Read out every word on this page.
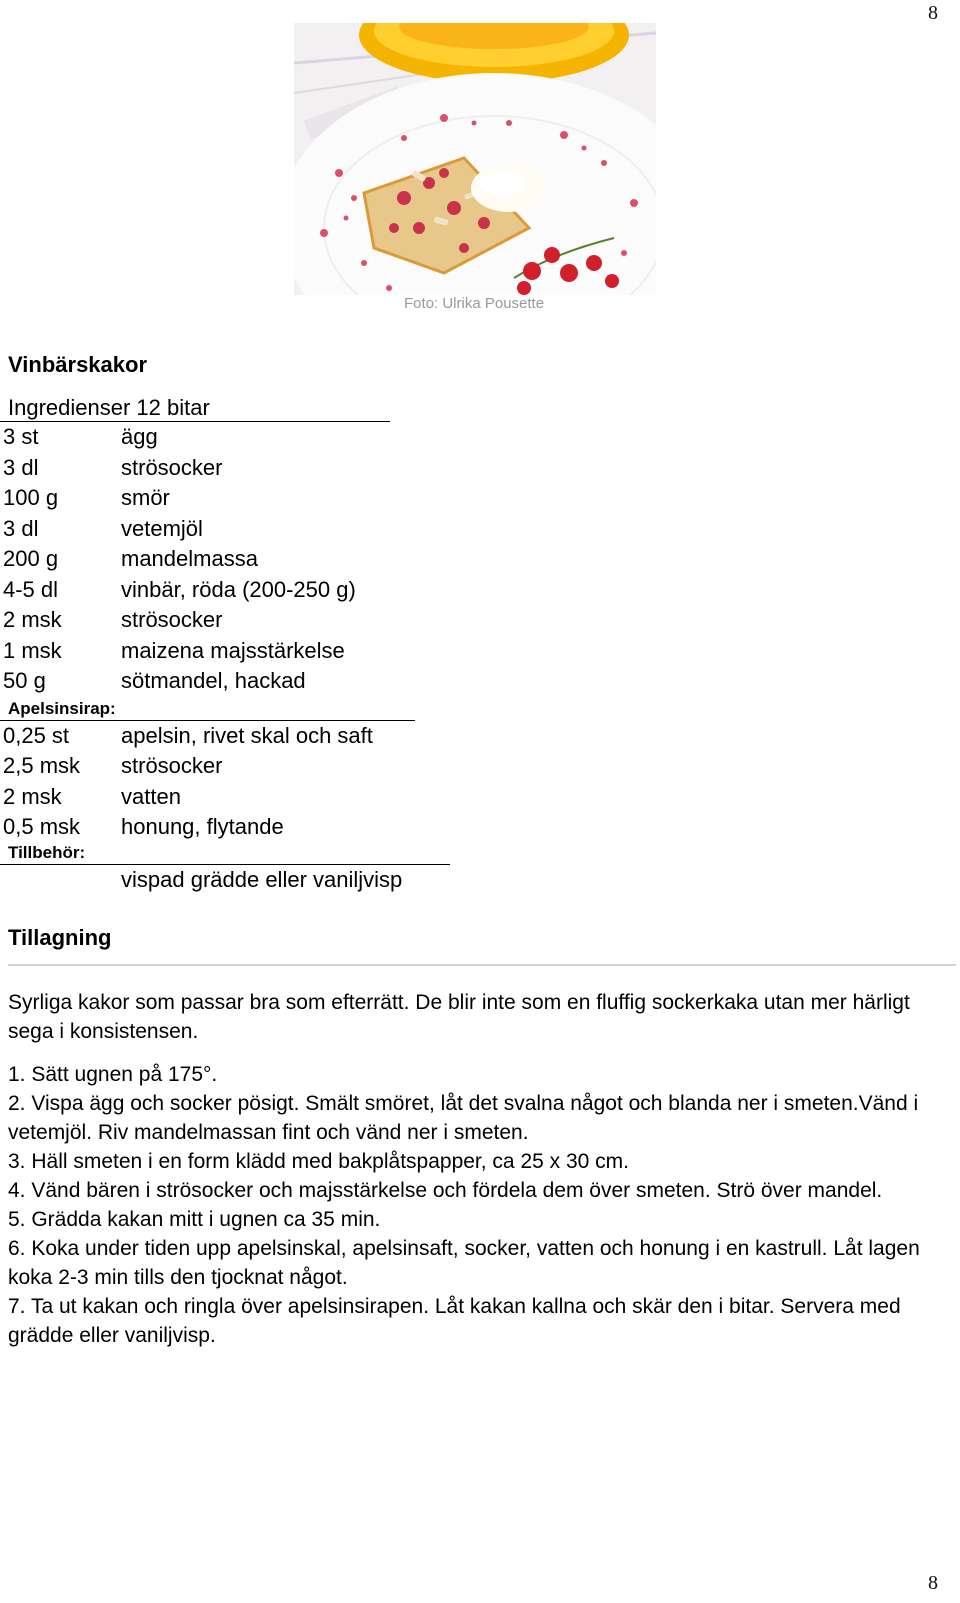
8
Foto: Ulrika Pousette
Vinbärskakor
Ingredienser 12 bitar
3 st	ägg
3 dl	strösocker
100 g	smör
3 dl	vetemjöl
200 g	mandelmassa
4-5 dl	vinbär, röda (200-250 g)
2 msk	strösocker
1 msk	maizena majsstärkelse
50 g	sötmandel, hackad
Apelsinsirap:
0,25 st apelsin, rivet skal och saft
2,5 msk strösocker
2 msk	vatten
0,5 msk honung, flytande
Tillbehör:
vispad grädde eller vaniljvisp
Tillagning

Syrliga kakor som passar bra som efterrätt. De blir inte som en fluffig sockerkaka utan mer härligt sega i konsistensen.

1. Sätt ugnen på 175°.
2. Vispa ägg och socker pösigt. Smält smöret, låt det svalna något och blanda ner i smeten.Vänd i vetemjöl. Riv mandelmassan fint och vänd ner i smeten.
3. Häll smeten i en form klädd med bakplåtspapper, ca 25 x 30 cm.
4. Vänd bären i strösocker och majsstärkelse och fördela dem över smeten. Strö över mandel.
5. Grädda kakan mitt i ugnen ca 35 min.
6. Koka under tiden upp apelsinskal, apelsinsaft, socker, vatten och honung i en kastrull. Låt lagen koka 2-3 min tills den tjocknat något.
7. Ta ut kakan och ringla över apelsinsirapen. Låt kakan kallna och skär den i bitar. Servera med grädde eller vaniljvisp.
8
